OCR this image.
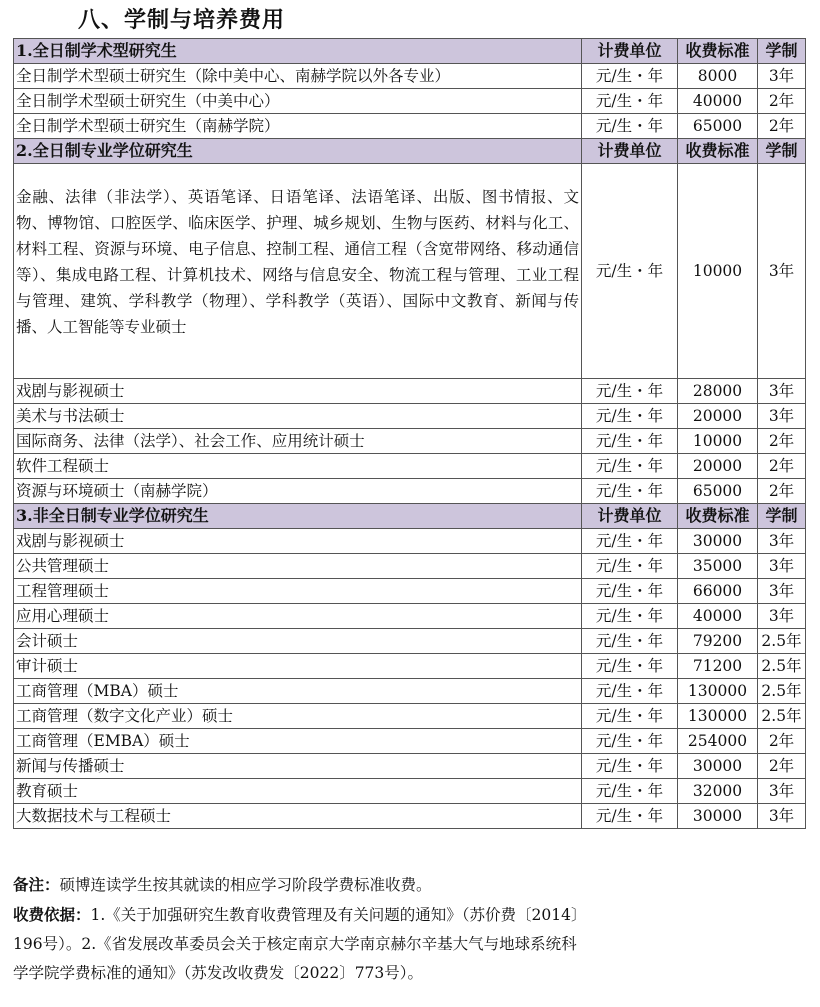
八、学制与培养费用
1.全日制学术型研究生	计费单位	收费标准	学制
全日制学术型硕士研究生（除中美中心、南赫学院以外各专业）	元/生・年	8000	3年
全日制学术型硕士研究生（中美中心）	元/生・年	40000	2年
全日制学术型硕士研究生（南赫学院）	元/生・年	65000	2年
2.全日制专业学位研究生	计费单位	收费标准	学制
金融、法律（非法学）、英语笔译、日语笔译、法语笔译、出版、图书情报、文物、博物馆、口腔医学、临床医学、护理、城乡规划、生物与医药、材料与化工、材料工程、资源与环境、电子信息、控制工程、通信工程（含宽带网络、移动通信等）、集成电路工程、计算机技术、网络与信息安全、物流工程与管理、工业工程与管理、建筑、学科教学（物理）、学科教学（英语）、国际中文教育、新闻与传播、人工智能等专业硕士	元/生・年	10000	3年
戏剧与影视硕士	元/生・年	28000	3年
美术与书法硕士	元/生・年	20000	3年
国际商务、法律（法学）、社会工作、应用统计硕士	元/生・年	10000	2年
软件工程硕士	元/生・年	20000	2年
资源与环境硕士（南赫学院）	元/生・年	65000	2年
3.非全日制专业学位研究生	计费单位	收费标准	学制
戏剧与影视硕士	元/生・年	30000	3年
公共管理硕士	元/生・年	35000	3年
工程管理硕士	元/生・年	66000	3年
应用心理硕士	元/生・年	40000	3年
会计硕士	元/生・年	79200	2.5年
审计硕士	元/生・年	71200	2.5年
工商管理（MBA）硕士	元/生・年	130000	2.5年
工商管理（数字文化产业）硕士	元/生・年	130000	2.5年
工商管理（EMBA）硕士	元/生・年	254000	2年
新闻与传播硕士	元/生・年	30000	2年
教育硕士	元/生・年	32000	3年
大数据技术与工程硕士	元/生・年	30000	3年

备注：硕博连读学生按其就读的相应学习阶段学费标准收费。

收费依据：1.《关于加强研究生教育收费管理及有关问题的通知》（苏价费〔2014〕

196号）。2.《省发展改革委员会关于核定南京大学南京赫尔辛基大气与地球系统科

学学院学费标准的通知》（苏发改收费发〔2022〕773号）。
